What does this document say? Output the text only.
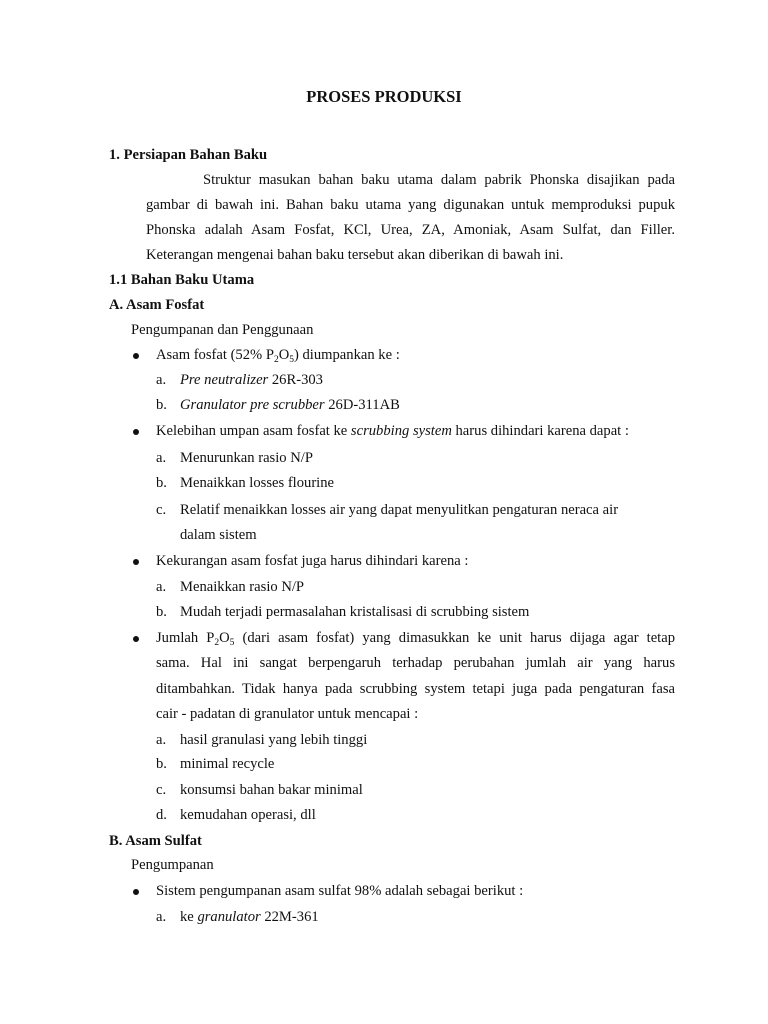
PROSES PRODUKSI
1. Persiapan Bahan Baku
Struktur masukan bahan baku utama dalam pabrik Phonska disajikan pada
gambar di bawah ini. Bahan baku utama yang digunakan untuk memproduksi pupuk
Phonska adalah Asam Fosfat, KCl, Urea, ZA, Amoniak, Asam Sulfat, dan Filler.
Keterangan mengenai bahan baku tersebut akan diberikan di bawah ini.
1.1 Bahan Baku Utama
A. Asam Fosfat
Pengumpanan dan Penggunaan
Asam fosfat (52% $P_2O_5$) diumpankan ke :
a. Pre neutralizer 26R-303
b. Granulator pre scrubber 26D-311AB
Kelebihan umpan asam fosfat ke scrubbing system harus dihindari karena dapat :
a. Menurunkan rasio N/P
b. Menaikkan losses flourine
c. Relatif menaikkan losses air yang dapat menyulitkan pengaturan neraca air
dalam sistem
Kekurangan asam fosfat juga harus dihindari karena :
a. Menaikkan rasio N/P
b. Mudah terjadi permasalahan kristalisasi di scrubbing sistem
Jumlah $P_2O_5$ (dari asam fosfat) yang dimasukkan ke unit harus dijaga agar tetap
sama. Hal ini sangat berpengaruh terhadap perubahan jumlah air yang harus
ditambahkan. Tidak hanya pada scrubbing system tetapi juga pada pengaturan fasa
cair - padatan di granulator untuk mencapai :
a. hasil granulasi yang lebih tinggi
b. minimal recycle
c. konsumsi bahan bakar minimal
d. kemudahan operasi, dll
B. Asam Sulfat
Pengumpanan
Sistem pengumpanan asam sulfat 98% adalah sebagai berikut :
a. ke granulator 22M-361
